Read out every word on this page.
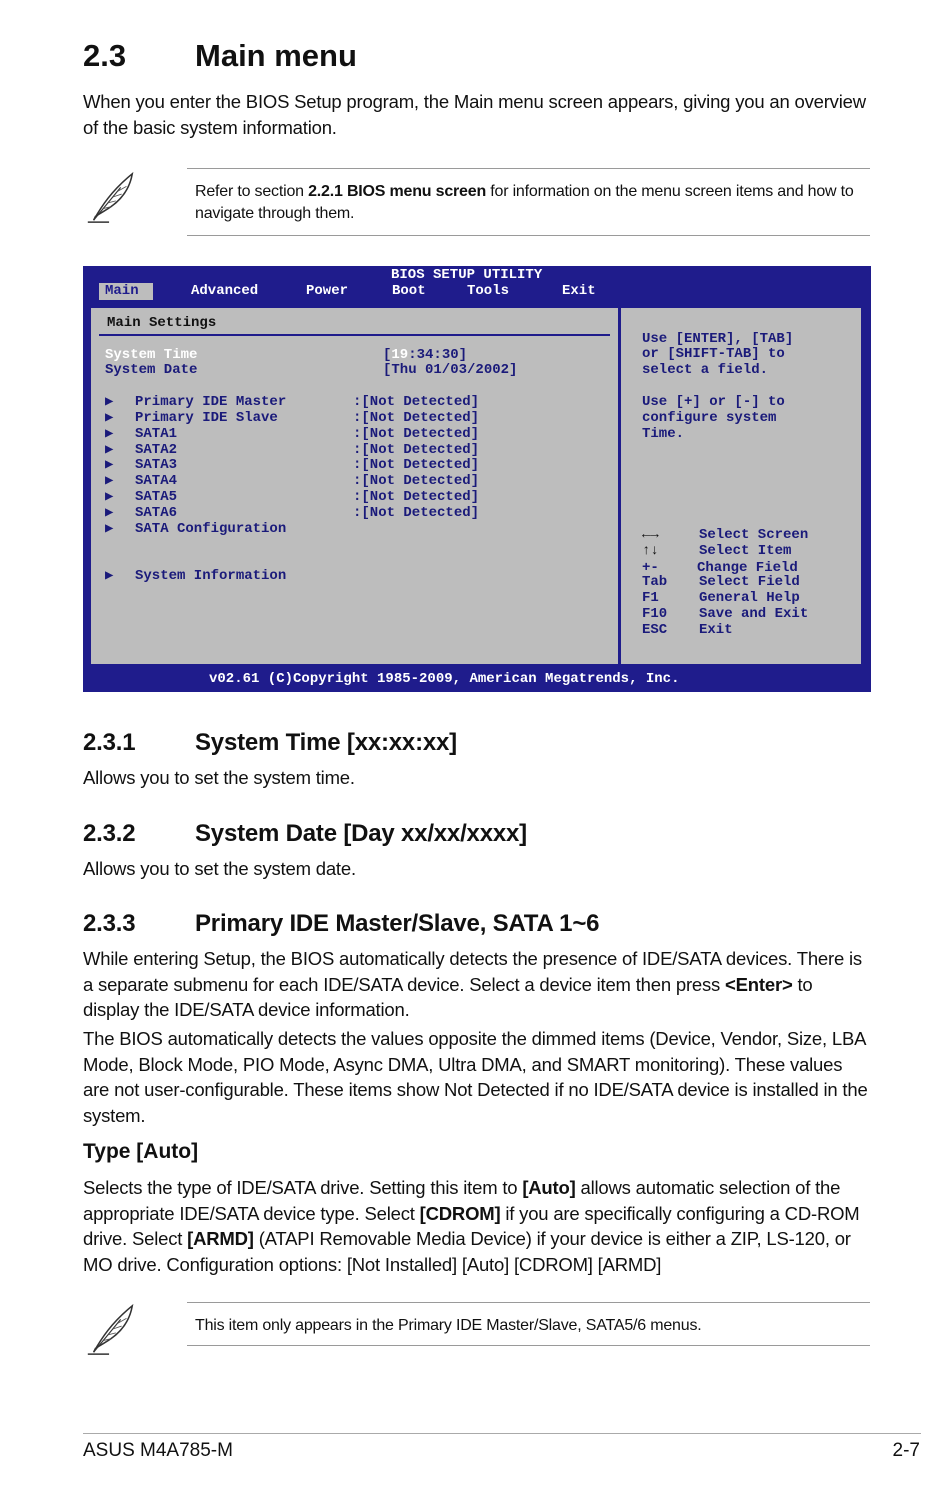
2.3 Main menu
When you enter the BIOS Setup program, the Main menu screen appears, giving you an overview of the basic system information.
Refer to section 2.2.1 BIOS menu screen for information on the menu screen items and how to navigate through them.
BIOS SETUP UTILITY
Main	Advanced	Power	Boot	Tools	Exit
Main Settings
System Time	[19:34:30]
System Date	[Thu 01/03/2002]
▶ Primary IDE Master	:[Not Detected]
▶ Primary IDE Slave	:[Not Detected]
▶ SATA1	:[Not Detected]
▶ SATA2	:[Not Detected]
▶ SATA3	:[Not Detected]
▶ SATA4	:[Not Detected]
▶ SATA5	:[Not Detected]
▶ SATA6	:[Not Detected]
▶ SATA Configuration
▶ System Information
Use [ENTER], [TAB]
or [SHIFT-TAB] to
select a field.
Use [+] or [-] to
configure system
Time.
←→	Select Screen
↑↓	Select Item
+-	Change Field
Tab Select Field
F1	General Help
F10 Save and Exit
ESC Exit
v02.61 (C)Copyright 1985-2009, American Megatrends, Inc.
2.3.1 System Time [xx:xx:xx]
Allows you to set the system time.
2.3.2 System Date [Day xx/xx/xxxx]
Allows you to set the system date.
2.3.3 Primary IDE Master/Slave, SATA 1~6
While entering Setup, the BIOS automatically detects the presence of IDE/SATA devices. There is a separate submenu for each IDE/SATA device. Select a device item then press <Enter> to display the IDE/SATA device information.
The BIOS automatically detects the values opposite the dimmed items (Device, Vendor, Size, LBA Mode, Block Mode, PIO Mode, Async DMA, Ultra DMA, and SMART monitoring). These values are not user-configurable. These items show Not Detected if no IDE/SATA device is installed in the system.
Type [Auto]
Selects the type of IDE/SATA drive. Setting this item to [Auto] allows automatic selection of the appropriate IDE/SATA device type. Select [CDROM] if you are specifically configuring a CD-ROM drive. Select [ARMD] (ATAPI Removable Media Device) if your device is either a ZIP, LS-120, or MO drive. Configuration options: [Not Installed] [Auto] [CDROM] [ARMD]
This item only appears in the Primary IDE Master/Slave, SATA5/6 menus.
ASUS M4A785-M	2-7
